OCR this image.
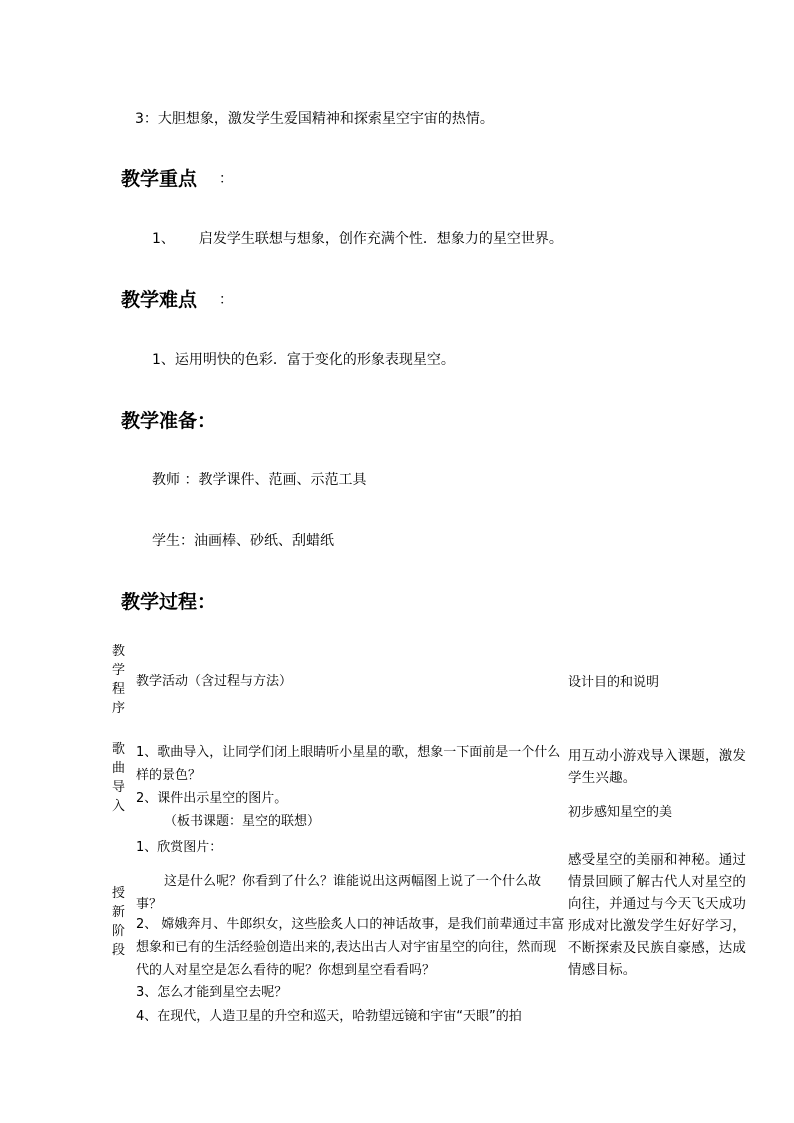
3：大胆想象，激发学生爱国精神和探索星空宇宙的热情。
教学重点 ：
1、 启发学生联想与想象，创作充满个性．想象力的星空世界。
教学难点 ：
1、运用明快的色彩．富于变化的形象表现星空。
教学准备：
教师 ：教学课件、范画、示范工具
学生：油画棒、砂纸、刮蜡纸
教学过程：
教学程序
歌曲导入
授新阶段
教学活动（含过程与方法）	设计目的和说明
1、歌曲导入，让同学们闭上眼睛听小星星的歌，想象一下面前是一个什么样的景色？
2、课件出示星空的图片。
（板书课题：星空的联想）
1、欣赏图片：
这是什么呢？你看到了什么？谁能说出这两幅图上说了一个什么故事？
2、 嫦娥奔月、牛郎织女，这些脍炙人口的神话故事，是我们前辈通过丰富想象和已有的生活经验创造出来的,表达出古人对宇宙星空的向往，然而现代的人对星空是怎么看待的呢？你想到星空看看吗？
3、怎么才能到星空去呢？
4、在现代，人造卫星的升空和巡天，哈勃望远镜和宇宙“天眼”的拍
用互动小游戏导入课题，激发学生兴趣。
初步感知星空的美
感受星空的美丽和神秘。通过情景回顾了解古代人对星空的向往，并通过与今天飞天成功形成对比激发学生好好学习，不断探索及民族自豪感，达成情感目标。
